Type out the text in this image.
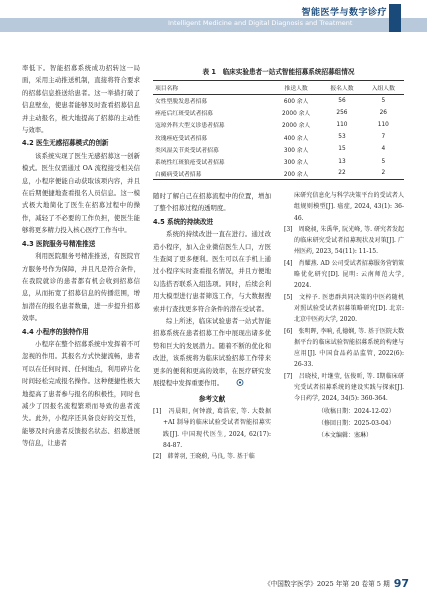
智能医学与数字诊疗
Intelligent Medicine and Digital Diagnosis and Treatment

率低下。智能招募系统成功招转这一局面，采用主动推送机制，直接将符合要求的招募信息推送给患者。这一举措打破了信息壁垒，使患者能够及时查看招募信息并主动报名，极大地提高了招募的主动性与效率。

4.2 医生无感招募模式的创新

该系统实现了医生无感招募这一创新模式。医生仅需通过 OA 流程接受相关信息，小程序便能自动获取该项内容，并且在后期便捷地查看报名人员信息。这一模式极大地简化了医生在招募过程中的操作，减轻了不必要的工作负担，使医生能够将更多精力投入核心医疗工作当中。

4.3 医院服务号精准推送

利用医院服务号精准推送，有医院官方服务号作为保障，并且凡是符合条件，在我院就诊的患者都有机会收到招募信息，从而拓宽了招募信息的传播范围，增加潜在的报名患者数量，进一步提升招募效率。

4.4 小程序的独特作用

小程序在整个招募系统中发挥着不可忽视的作用。其报名方式快捷流畅，患者可以在任何时间、任何地点，利用碎片化时间轻松完成报名操作。这种便捷性极大地提高了患者参与报名的积极性，同时也减少了因报名流程繁琐而导致的患者流失。此外，小程序还具备良好的交互性，能够及时向患者反馈报名状态、招募进展等信息，让患者

表 1　临床实验患者一站式智能招募系统招募组情况
项目名称	推送人数	报名人数	入组人数
女性型脱发患者招募	600 余人	56	5
痤疮后红斑受试者招募	2000 余人	256	26
寇琼外科大型义诊患者招募	2000 余人	110	110
玫瑰痤疮受试者招募	400 余人	53	7
类风湿关节炎受试者招募	300 余人	15	4
系统性红斑狼疮受试者招募	300 余人	13	5
白癜病受试者招募	200 余人	22	2

随时了解自己在招募流程中的位置，增加了整个招募过程的透明度。

4.5 系统的持续改进

系统的持续改进一直在进行。通过改造小程序，加入企业微信医生人口，方医生查阅了更多便利。医生可以在手机上通过小程序实时查看报名情况，并且方便地勾选搭否联系入组选项。同时，后续会利用大模型进行患者筛选工作，与大数据搜索并行查找更多符合条件的潜在受试者。

综上所述，临床试验患者一站式智能招募系统在患者招募工作中展现出诸多优势和巨大的发展潜力。随着不断的优化和改进，该系统将为临床试验招募工作带来更多的便利和更高的效率，在医疗研究发展提程中发挥重要作用。

参考文献
[1]　冯晨阳, 何钟澈, 葛浩宏, 等. 大数据+AI 制导的临床试验受试者智能招募实践[J]. 中国现代医生, 2024, 62(17): 84-87.
[2]　韩菁羽, 王晓蔚, 马良, 等. 基于临
床研究信息化与科学决策平台的受试者人组规则模型[J]. 癌症, 2024, 43(1): 36-46.
[3]　周晓昶, 朱禹华, 阮光峰, 等. 研究者发起的临床研究受试者招募现状及对策[J]. 广州医药, 2023, 54(11): 11-15.
[4]　肖耀燕. AD 公司受试者招募服务营销策略优化研究[D]. 昆明: 云南师范大学, 2024.
[5]　文梓予. 医患群共同决策的中医药随机对照试验受试者招募策略研究[D]. 北京: 北京中医药大学, 2020.
[6]　张明晖, 李响, 孔德娴, 等. 基于医院大数据平台的临床试验智能招募系统的构建与应用[J]. 中国食品药品监管, 2022(6): 26-33.
[7]　吕晓枝, 叶继莹, 伍俊昕, 等. Ⅰ期临床研究受试者招募系统的建设实践与探索[J]. 今日药学, 2024, 34(5): 360-364.
（收稿日期：2024-12-02）
（修回日期：2025-03-04）
（本文编辑：塞琳）
《中国数字医学》2025 年第 20 卷第 5 期 97
